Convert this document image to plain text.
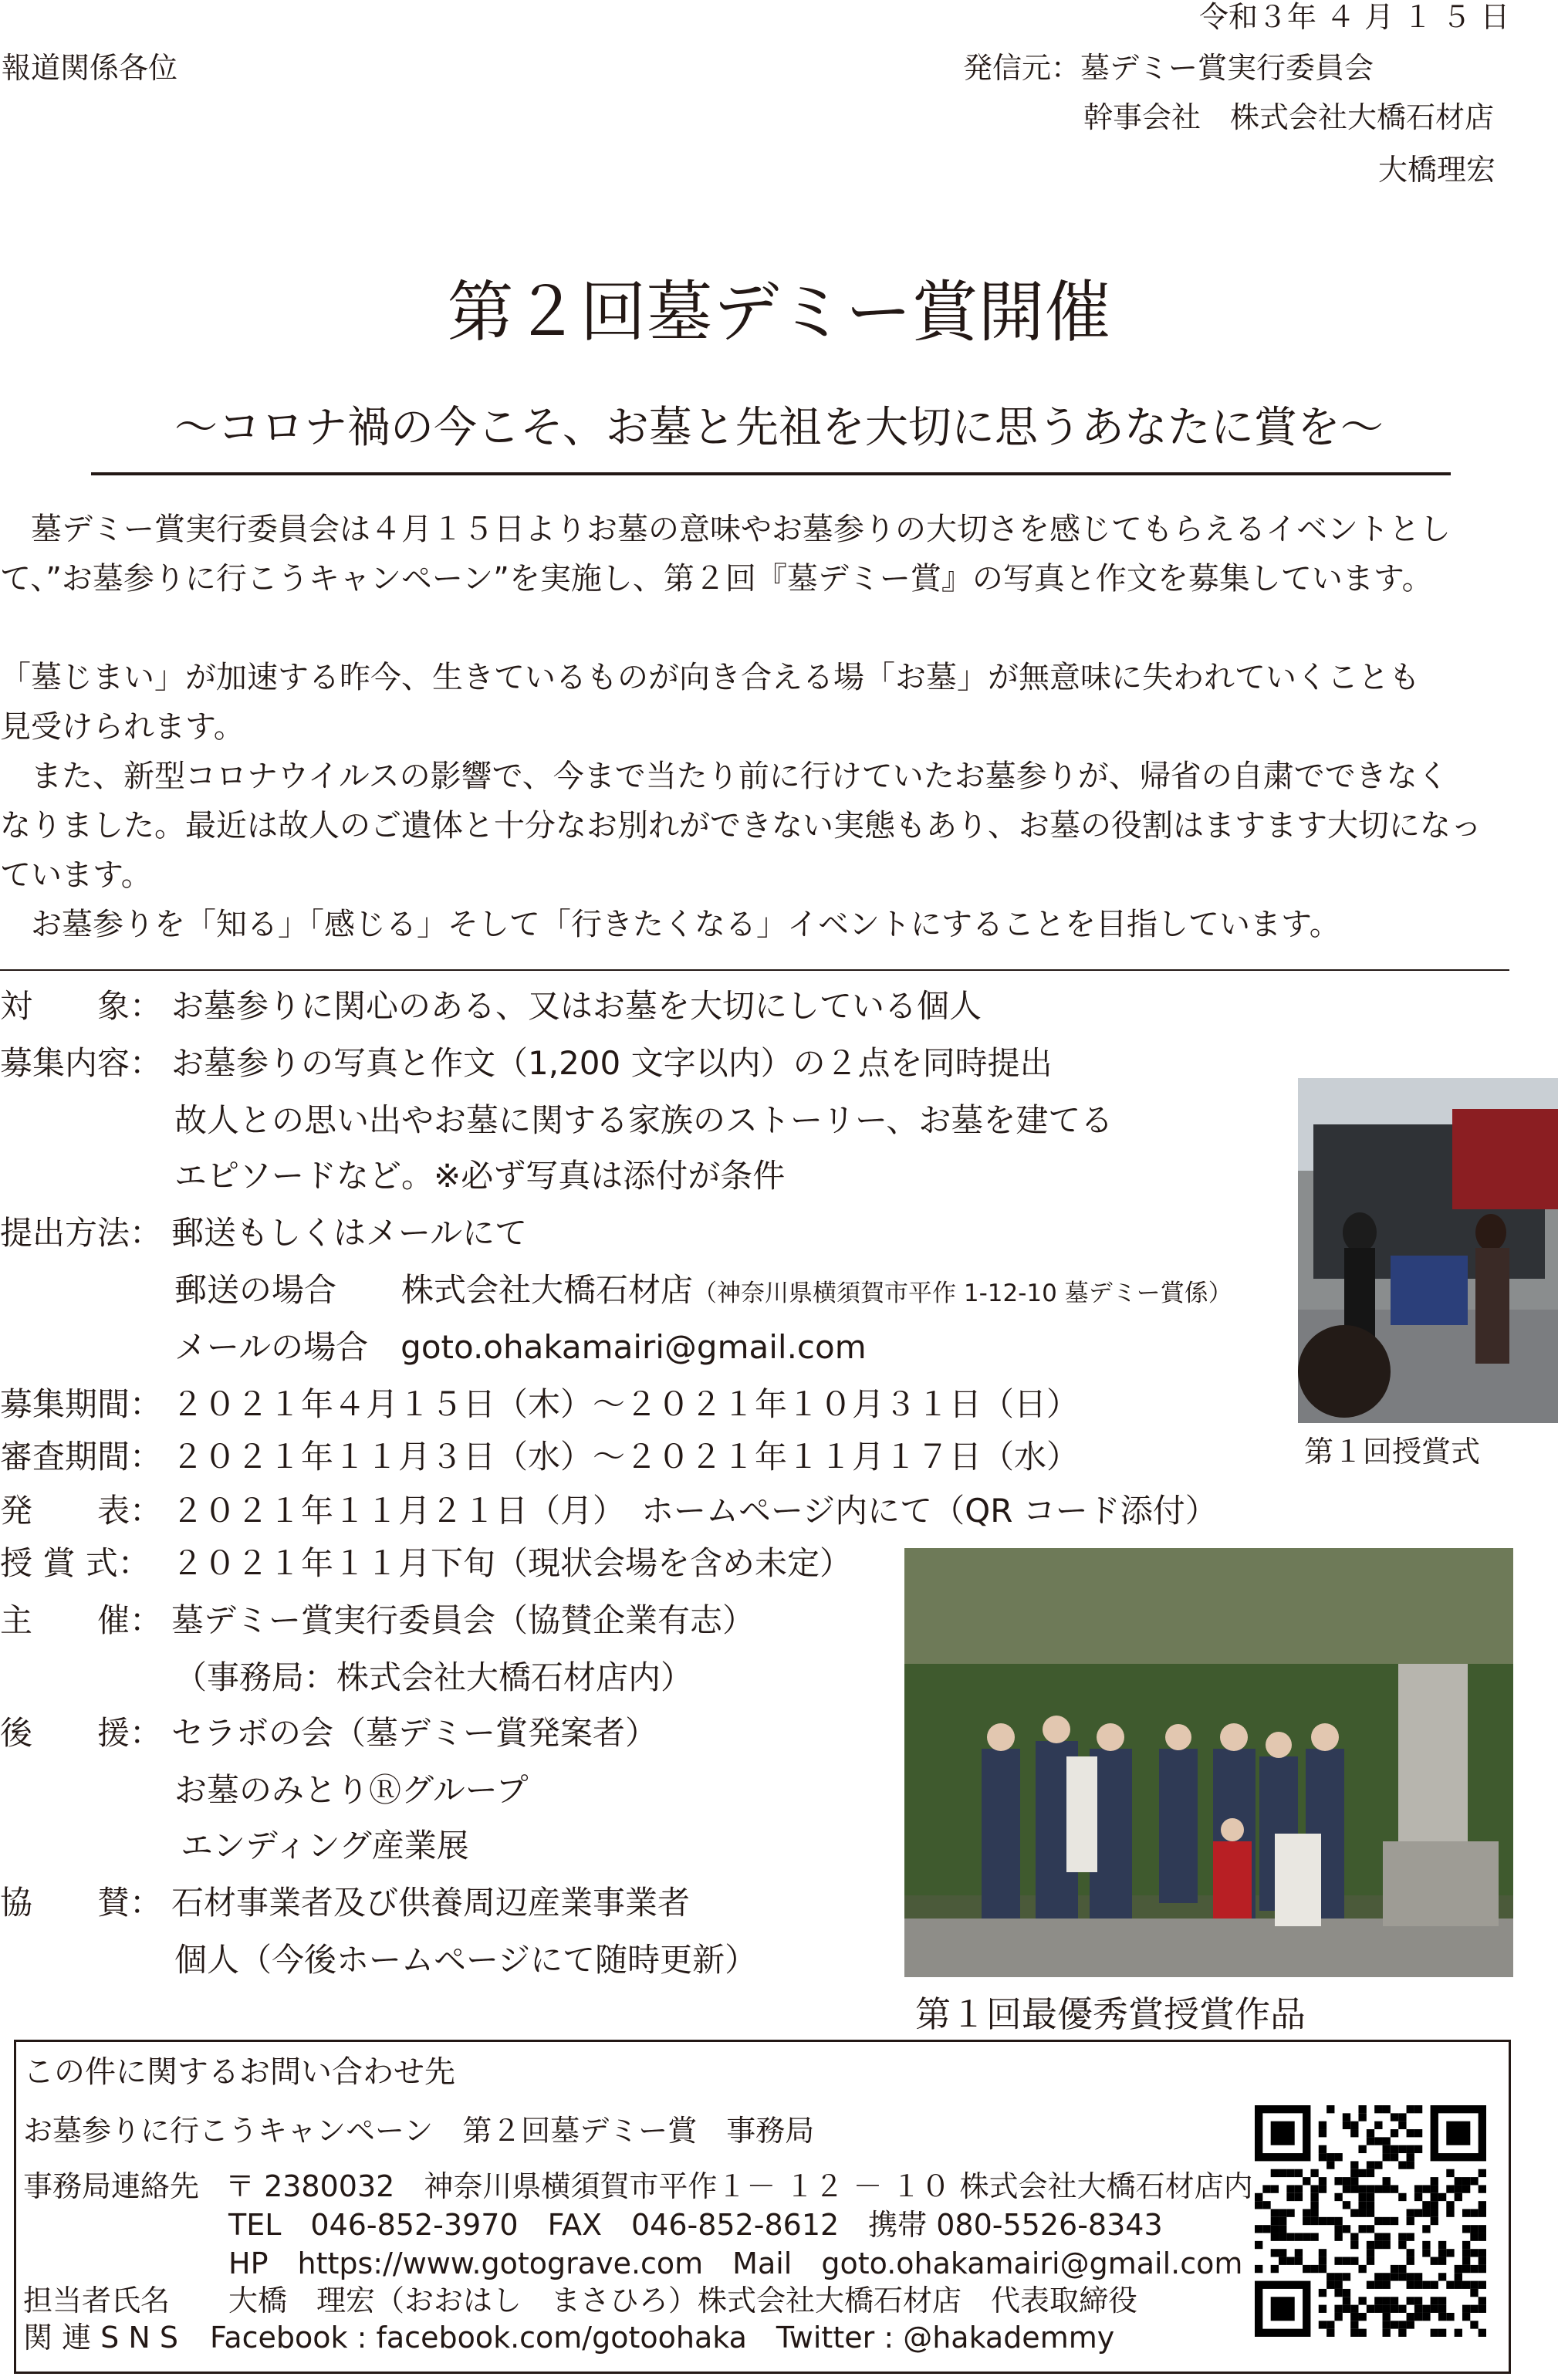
令和３年 ４ 月 １ ５ 日
報道関係各位	発信元：墓デミー賞実行委員会
幹事会社　株式会社大橋石材店
大橋理宏
第２回墓デミー賞開催
〜コロナ禍の今こそ、お墓と先祖を大切に思うあなたに賞を〜

　墓デミー賞実行委員会は４月１５日よりお墓の意味やお墓参りの大切さを感じてもらえるイベントとし

て、”お墓参りに行こうキャンペーン”を実施し、第２回『墓デミー賞』の写真と作文を募集しています。

「墓じまい」が加速する昨今、生きているものが向き合える場「お墓」が無意味に失われていくことも

見受けられます。

　また、新型コロナウイルスの影響で、今まで当たり前に行けていたお墓参りが、帰省の自粛でできなく

なりました。最近は故人のご遺体と十分なお別れができない実態もあり、お墓の役割はますます大切になっ

ています。

　お墓参りを「知る」「感じる」そして「行きたくなる」イベントにすることを目指しています。

対　　象： お墓参りに関心のある、又はお墓を大切にしている個人
募集内容： お墓参りの写真と作文（1,200 文字以内）の２点を同時提出
故人との思い出やお墓に関する家族のストーリー、お墓を建てる
エピソードなど。※必ず写真は添付が条件
提出方法： 郵送もしくはメールにて
郵送の場合　　株式会社大橋石材店（神奈川県横須賀市平作 1-12-10 墓デミー賞係）
メールの場合　goto.ohakamairi@gmail.com
募集期間： ２０２１年４月１５日（木）～２０２１年１０月３１日（日）
審査期間： ２０２１年１１月３日（水）～２０２１年１１月１７日（水）
発　　表： ２０２１年１１月２１日（月）　ホームページ内にて（QR コード添付）
授 賞 式： ２０２１年１１月下旬（現状会場を含め未定）
主　　催： 墓デミー賞実行委員会（協賛企業有志）
（事務局：株式会社大橋石材店内）
後　　援： セラボの会（墓デミー賞発案者）
お墓のみとりⓇグループ
エンディング産業展
協　　賛： 石材事業者及び供養周辺産業事業者
個人（今後ホームページにて随時更新）
第１回授賞式
第１回最優秀賞授賞作品
この件に関するお問い合わせ先
お墓参りに行こうキャンペーン　第２回墓デミー賞　事務局
事務局連絡先 〒 2380032　神奈川県横須賀市平作１－ １２ － １０ 株式会社大橋石材店内
TEL　046-852-3970　FAX　046-852-8612　携帯 080-5526-8343
HP　https://www.gotograve.com　Mail　goto.ohakamairi@gmail.com
担当者氏名 大橋　理宏（おおはし　まさひろ）株式会社大橋石材店　代表取締役
関 連 S N S Facebook : facebook.com/gotoohaka　Twitter : @hakademmy
